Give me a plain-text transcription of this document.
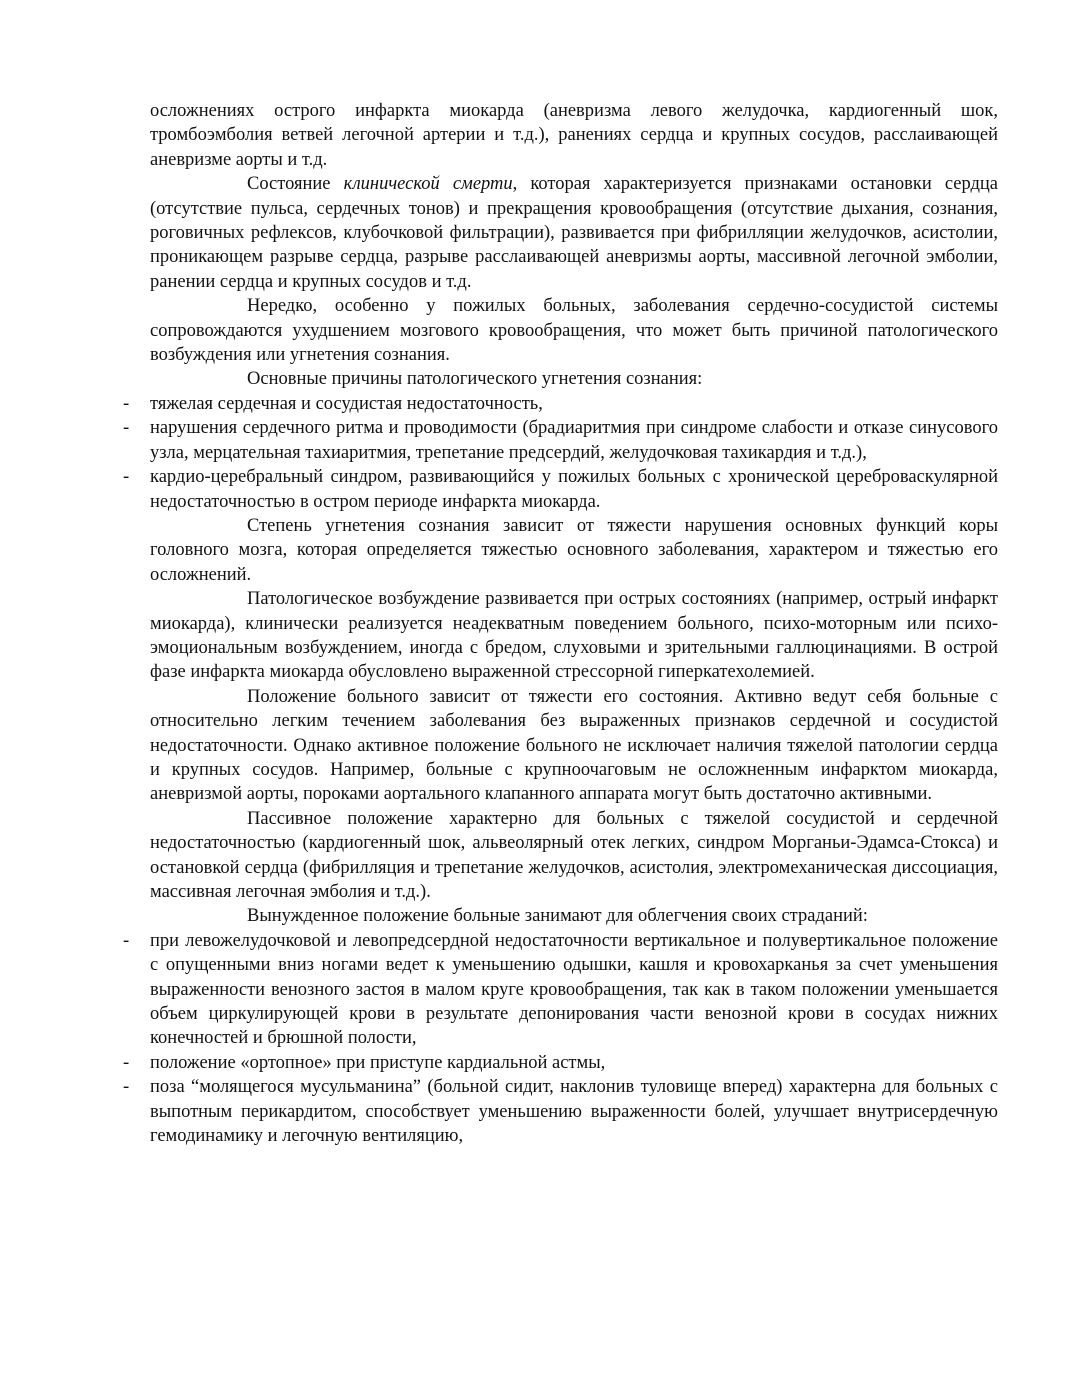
осложнениях острого инфаркта миокарда (аневризма левого желудочка, кардиогенный шок, тромбоэмболия ветвей легочной артерии и т.д.), ранениях сердца и крупных сосудов, расслаивающей аневризме аорты и т.д.

Состояние клинической смерти, которая характеризуется признаками остановки сердца (отсутствие пульса, сердечных тонов) и прекращения кровообращения (отсутствие дыхания, сознания, роговичных рефлексов, клубочковой фильтрации), развивается при фибрилляции желудочков, асистолии, проникающем разрыве сердца, разрыве расслаивающей аневризмы аорты, массивной легочной эмболии, ранении сердца и крупных сосудов и т.д.

Нередко, особенно у пожилых больных, заболевания сердечно-сосудистой системы сопровождаются ухудшением мозгового кровообращения, что может быть причиной патологического возбуждения или угнетения сознания.

Основные причины патологического угнетения сознания:

- тяжелая сердечная и сосудистая недостаточность,
- нарушения сердечного ритма и проводимости (брадиаритмия при синдроме слабости и отказе синусового узла, мерцательная тахиаритмия, трепетание предсердий, желудочковая тахикардия и т.д.),
- кардио-церебральный синдром, развивающийся у пожилых больных с хронической цереброваскулярной недостаточностью в остром периоде инфаркта миокарда.

Степень угнетения сознания зависит от тяжести нарушения основных функций коры головного мозга, которая определяется тяжестью основного заболевания, характером и тяжестью его осложнений.

Патологическое возбуждение развивается при острых состояниях (например, острый инфаркт миокарда), клинически реализуется неадекватным поведением больного, психо-моторным или психо-эмоциональным возбуждением, иногда с бредом, слуховыми и зрительными галлюцинациями. В острой фазе инфаркта миокарда обусловлено выраженной стрессорной гиперкатехолемией.

Положение больного зависит от тяжести его состояния. Активно ведут себя больные с относительно легким течением заболевания без выраженных признаков сердечной и сосудистой недостаточности. Однако активное положение больного не исключает наличия тяжелой патологии сердца и крупных сосудов. Например, больные с крупноочаговым не осложненным инфарктом миокарда, аневризмой аорты, пороками аортального клапанного аппарата могут быть достаточно активными.

Пассивное положение характерно для больных с тяжелой сосудистой и сердечной недостаточностью (кардиогенный шок, альвеолярный отек легких, синдром Морганьи-Эдамса-Стокса) и остановкой сердца (фибрилляция и трепетание желудочков, асистолия, электромеханическая диссоциация, массивная легочная эмболия и т.д.).

Вынужденное положение больные занимают для облегчения своих страданий:

- при левожелудочковой и левопредсердной недостаточности вертикальное и полувертикальное положение с опущенными вниз ногами ведет к уменьшению одышки, кашля и кровохарканья за счет уменьшения выраженности венозного застоя в малом круге кровообращения, так как в таком положении уменьшается объем циркулирующей крови в результате депонирования части венозной крови в сосудах нижних конечностей и брюшной полости,
- положение «ортопное» при приступе кардиальной астмы,
- поза “молящегося мусульманина” (больной сидит, наклонив туловище вперед) характерна для больных с выпотным перикардитом, способствует уменьшению выраженности болей, улучшает внутрисердечную гемодинамику и легочную вентиляцию,
